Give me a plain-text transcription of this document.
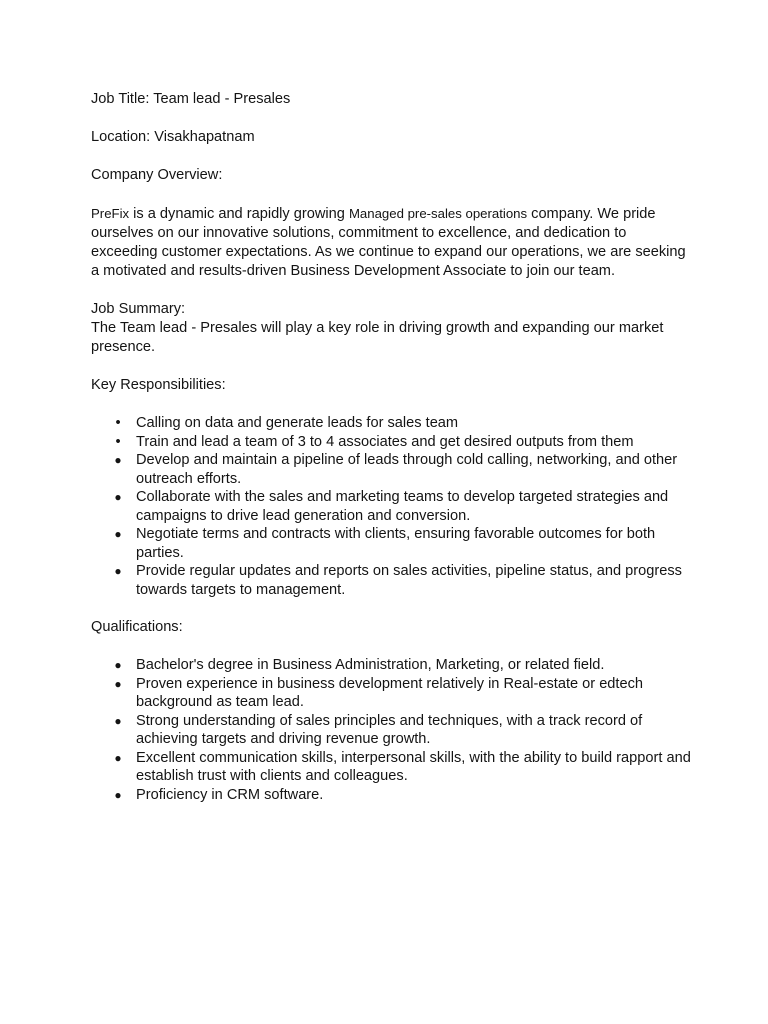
Job Title: Team lead - Presales

Location: Visakhapatnam

Company Overview:

PreFix is a dynamic and rapidly growing Managed pre-sales operations company. We pride ourselves on our innovative solutions, commitment to excellence, and dedication to exceeding customer expectations. As we continue to expand our operations, we are seeking a motivated and results-driven Business Development Associate to join our team.

Job Summary:

The Team lead - Presales will play a key role in driving growth and expanding our market presence.

Key Responsibilities:

• Calling on data and generate leads for sales team
• Train and lead a team of 3 to 4 associates and get desired outputs from them
● Develop and maintain a pipeline of leads through cold calling, networking, and other outreach efforts.
● Collaborate with the sales and marketing teams to develop targeted strategies and campaigns to drive lead generation and conversion.
● Negotiate terms and contracts with clients, ensuring favorable outcomes for both parties.
● Provide regular updates and reports on sales activities, pipeline status, and progress towards targets to management.

Qualifications:

● Bachelor's degree in Business Administration, Marketing, or related field.
● Proven experience in business development relatively in Real-estate or edtech background as team lead.
● Strong understanding of sales principles and techniques, with a track record of achieving targets and driving revenue growth.
● Excellent communication skills, interpersonal skills, with the ability to build rapport and establish trust with clients and colleagues.
● Proficiency in CRM software.
